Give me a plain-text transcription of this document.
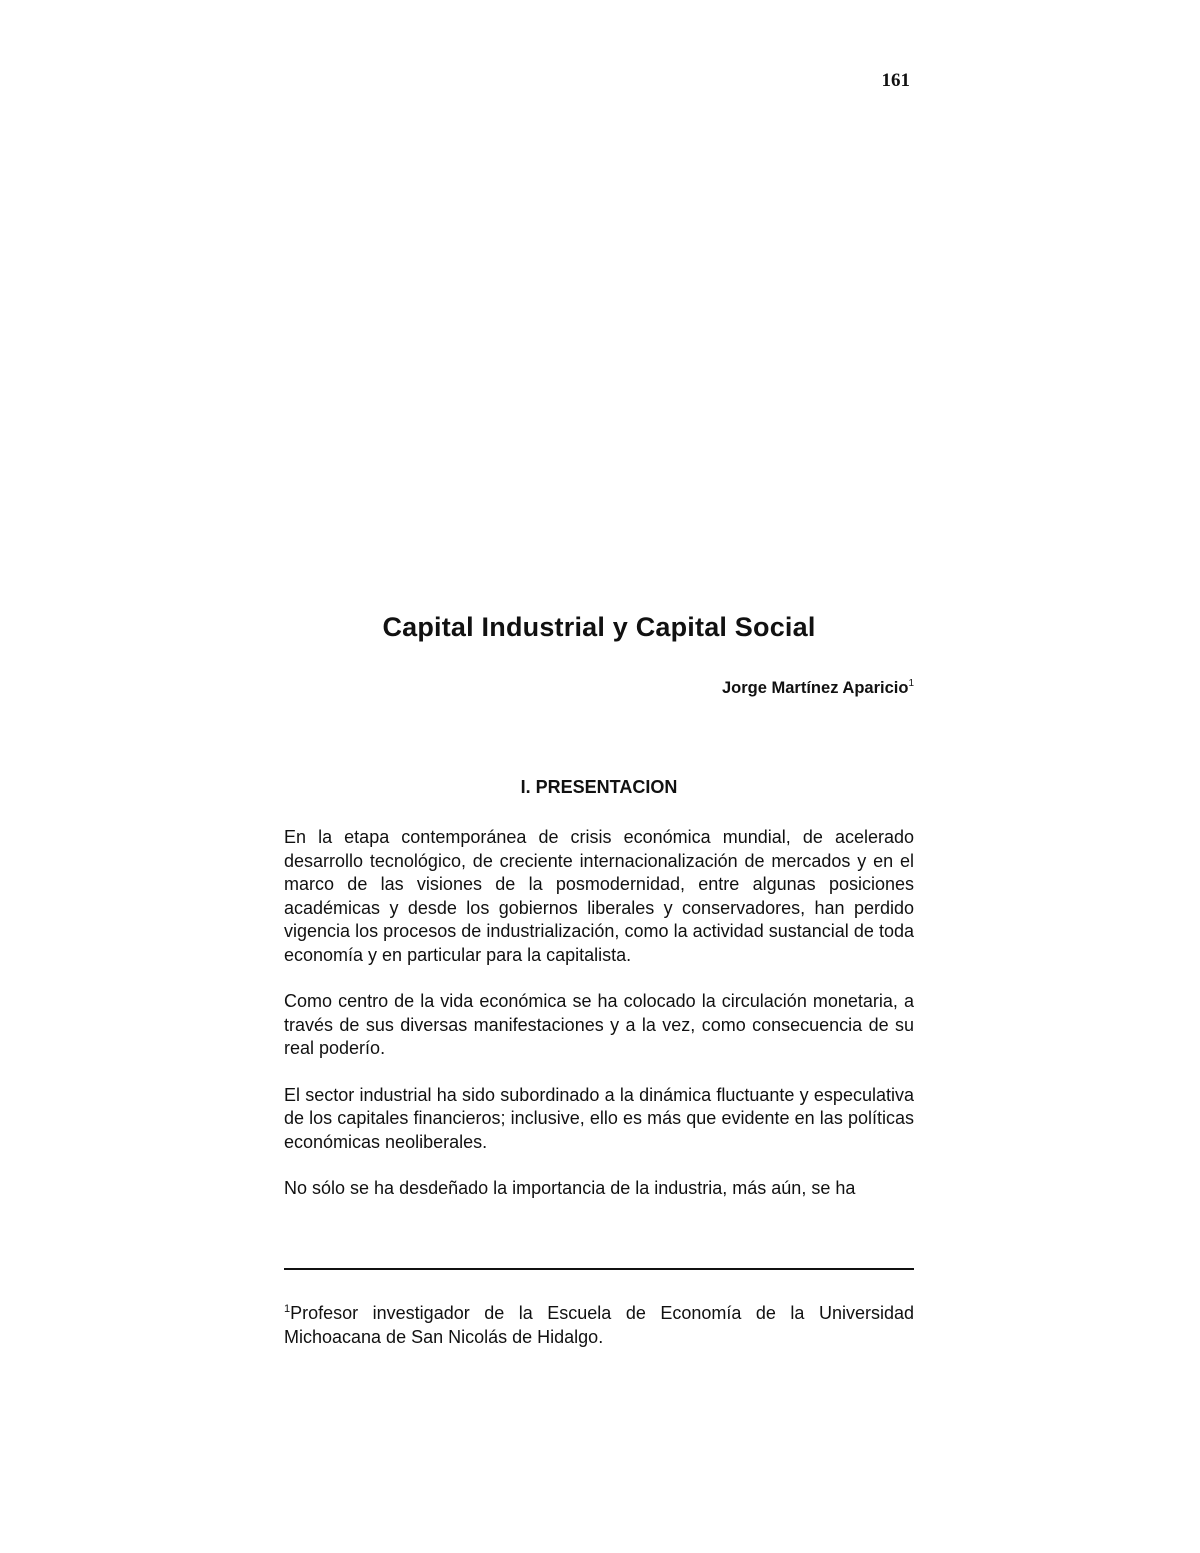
161
Capital Industrial y Capital Social
Jorge Martínez Aparicio$^1$
I. PRESENTACION

En la etapa contemporánea de crisis económica mundial, de acelerado desarrollo tecnológico, de creciente internacionalización de mercados y en el marco de las visiones de la posmodernidad, entre algunas posiciones académicas y desde los gobiernos liberales y conservadores, han perdido vigencia los procesos de industrialización, como la actividad sustancial de toda economía y en particular para la capitalista.

Como centro de la vida económica se ha colocado la circulación monetaria, a través de sus diversas manifestaciones y a la vez, como consecuencia de su real poderío.

El sector industrial ha sido subordinado a la dinámica fluctuante y especulativa de los capitales financieros; inclusive, ello es más que evidente en las políticas económicas neoliberales.

No sólo se ha desdeñado la importancia de la industria, más aún, se ha

$^1$Profesor investigador de la Escuela de Economía de la Universidad Michoacana de San Nicolás de Hidalgo.
